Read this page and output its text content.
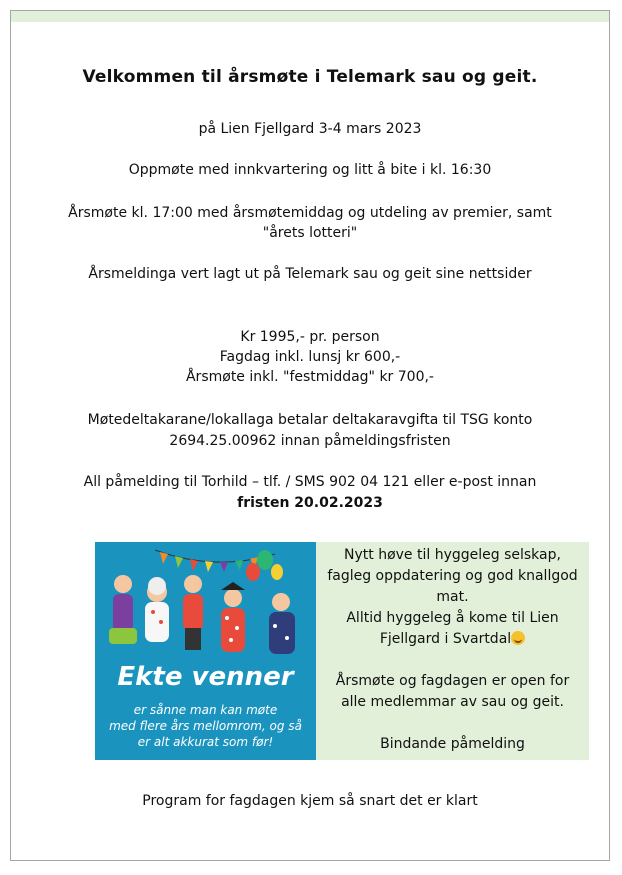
Velkommen til årsmøte i Telemark sau og geit.
på Lien Fjellgard 3-4 mars 2023
Oppmøte med innkvartering og litt å bite i kl. 16:30
Årsmøte kl. 17:00 med årsmøtemiddag og utdeling av premier, samt
"årets lotteri"
Årsmeldinga vert lagt ut på Telemark sau og geit sine nettsider
Kr 1995,- pr. person
Fagdag inkl. lunsj kr 600,-
Årsmøte inkl. "festmiddag" kr 700,-
Møtedeltakarane/lokallaga betalar deltakaravgifta til TSG konto
2694.25.00962 innan påmeldingsfristen
All påmelding til Torhild – tlf. / SMS 902 04 121 eller e-post innan
fristen 20.02.2023
Ekte venner
er sånne man kan møte
med flere års mellomrom, og så
er alt akkurat som før!

Nytt høve til hyggeleg selskap,

fagleg oppdatering og god knallgod

mat.

Alltid hyggeleg å kome til Lien

Fjellgard i Svartdal

Årsmøte og fagdagen er open for

alle medlemmar av sau og geit.

Bindande påmelding

Program for fagdagen kjem så snart det er klart
